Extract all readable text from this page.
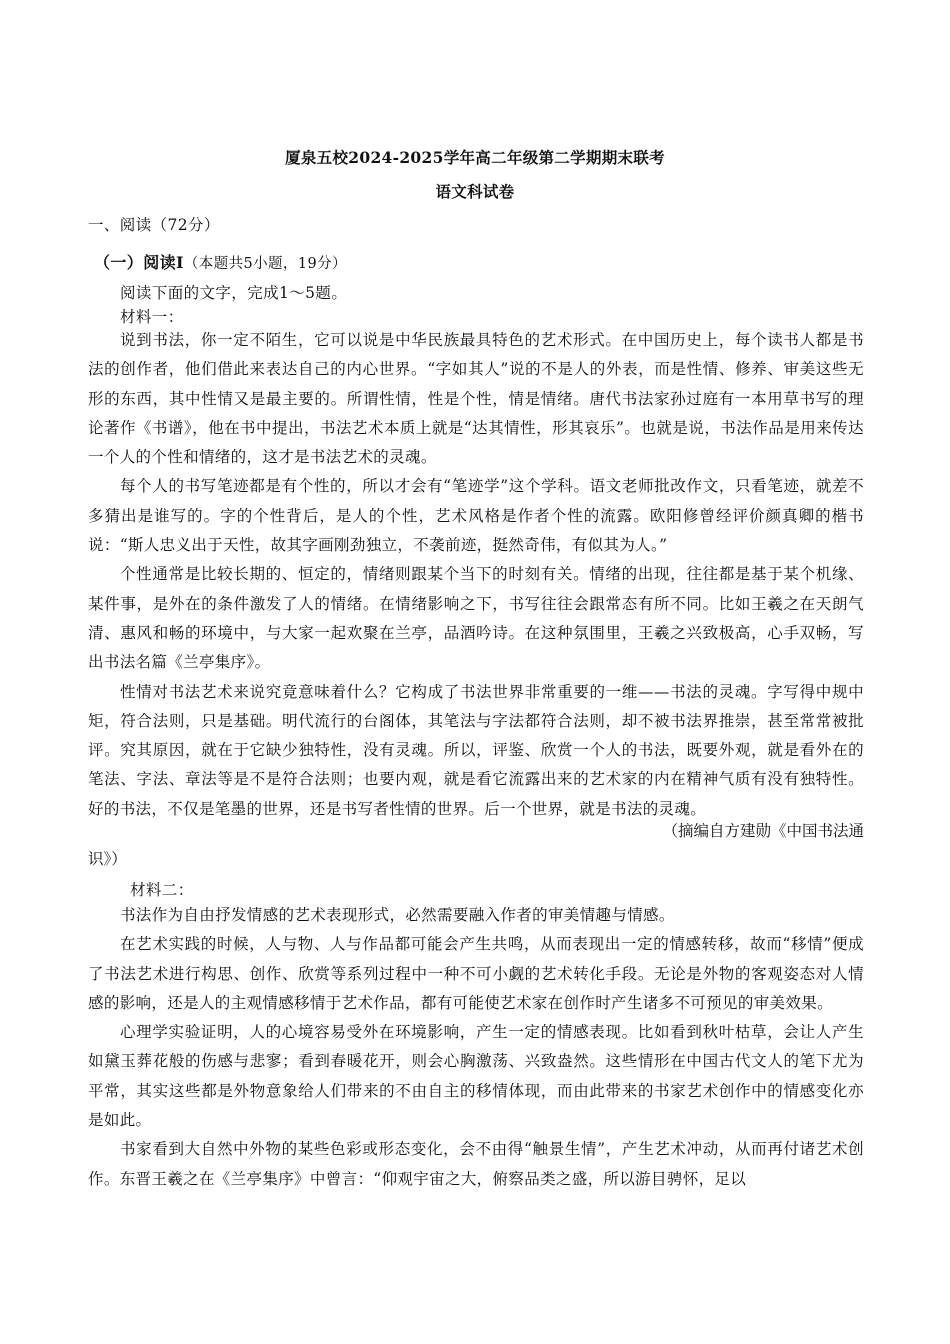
厦泉五校2024-2025学年高二年级第二学期期末联考
语文科试卷
一、阅读（72分）
（一）阅读Ⅰ（本题共5小题，19分）
阅读下面的文字，完成1～5题。
材料一：

说到书法，你一定不陌生，它可以说是中华民族最具特色的艺术形式。在中国历史上，每个读书人都是书法的创作者，他们借此来表达自己的内心世界。“字如其人”说的不是人的外表，而是性情、修养、审美这些无形的东西，其中性情又是最主要的。所谓性情，性是个性，情是情绪。唐代书法家孙过庭有一本用草书写的理论著作《书谱》，他在书中提出，书法艺术本质上就是“达其情性，形其哀乐”。也就是说，书法作品是用来传达一个人的个性和情绪的，这才是书法艺术的灵魂。

每个人的书写笔迹都是有个性的，所以才会有“笔迹学”这个学科。语文老师批改作文，只看笔迹，就差不多猜出是谁写的。字的个性背后，是人的个性，艺术风格是作者个性的流露。欧阳修曾经评价颜真卿的楷书说：“斯人忠义出于天性，故其字画刚劲独立，不袭前迹，挺然奇伟，有似其为人。”

个性通常是比较长期的、恒定的，情绪则跟某个当下的时刻有关。情绪的出现，往往都是基于某个机缘、某件事，是外在的条件激发了人的情绪。在情绪影响之下，书写往往会跟常态有所不同。比如王羲之在天朗气清、惠风和畅的环境中，与大家一起欢聚在兰亭，品酒吟诗。在这种氛围里，王羲之兴致极高，心手双畅，写出书法名篇《兰亭集序》。

性情对书法艺术来说究竟意味着什么？它构成了书法世界非常重要的一维——书法的灵魂。字写得中规中矩，符合法则，只是基础。明代流行的台阁体，其笔法与字法都符合法则，却不被书法界推崇，甚至常常被批评。究其原因，就在于它缺少独特性，没有灵魂。所以，评鉴、欣赏一个人的书法，既要外观，就是看外在的笔法、字法、章法等是不是符合法则；也要内观，就是看它流露出来的艺术家的内在精神气质有没有独特性。好的书法，不仅是笔墨的世界，还是书写者性情的世界。后一个世界，就是书法的灵魂。

（摘编自方建勋《中国书法通
识》）
材料二：

书法作为自由抒发情感的艺术表现形式，必然需要融入作者的审美情趣与情感。

在艺术实践的时候，人与物、人与作品都可能会产生共鸣，从而表现出一定的情感转移，故而“移情”便成了书法艺术进行构思、创作、欣赏等系列过程中一种不可小觑的艺术转化手段。无论是外物的客观姿态对人情感的影响，还是人的主观情感移情于艺术作品，都有可能使艺术家在创作时产生诸多不可预见的审美效果。

心理学实验证明，人的心境容易受外在环境影响，产生一定的情感表现。比如看到秋叶枯草，会让人产生如黛玉葬花般的伤感与悲寥；看到春暖花开，则会心胸激荡、兴致盎然。这些情形在中国古代文人的笔下尤为平常，其实这些都是外物意象给人们带来的不由自主的移情体现，而由此带来的书家艺术创作中的情感变化亦是如此。

书家看到大自然中外物的某些色彩或形态变化，会不由得“触景生情”，产生艺术冲动，从而再付诸艺术创作。东晋王羲之在《兰亭集序》中曾言：“仰观宇宙之大，俯察品类之盛，所以游目骋怀，足以
